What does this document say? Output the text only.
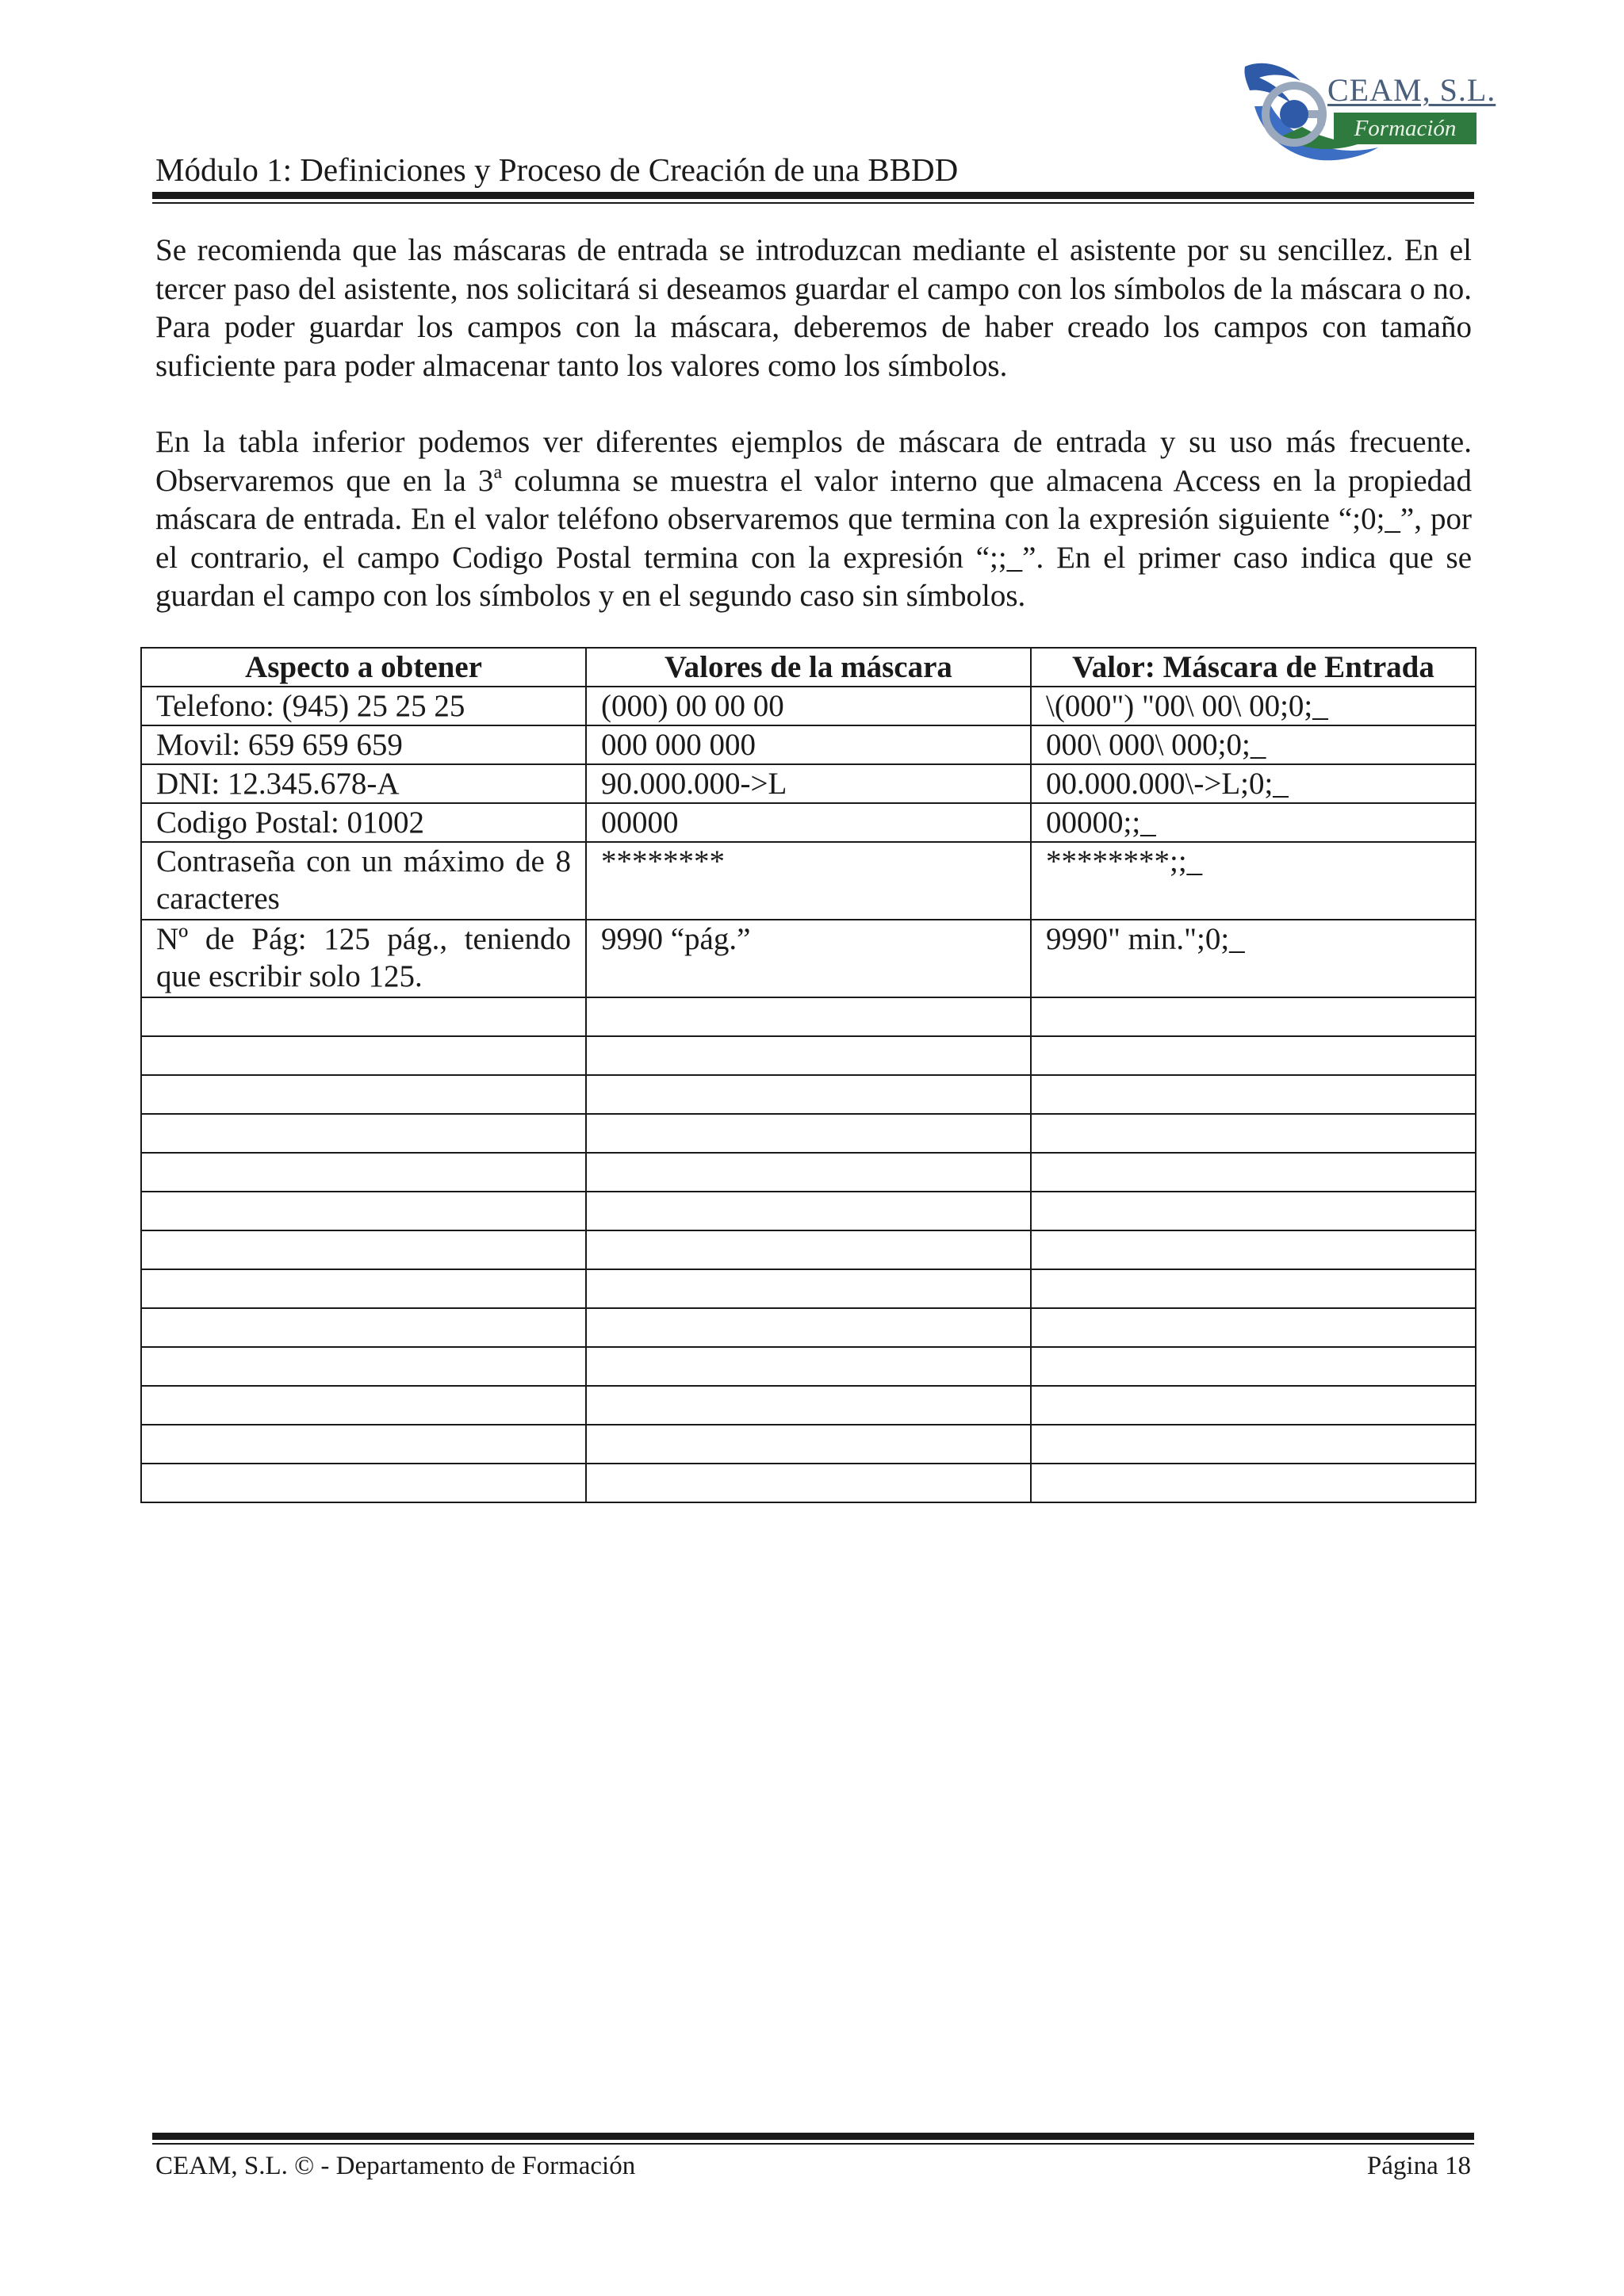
Módulo 1: Definiciones y Proceso de Creación de una BBDD
CEAM, S.L.
Formación

Se recomienda que las máscaras de entrada se introduzcan mediante el asistente por su sencillez. En el tercer paso del asistente, nos solicitará si deseamos guardar el campo con los símbolos de la máscara o no. Para poder guardar los campos con la máscara, deberemos de haber creado los campos con tamaño suficiente para poder almacenar tanto los valores como los símbolos.

En la tabla inferior podemos ver diferentes ejemplos de máscara de entrada y su uso más frecuente. Observaremos que en la 3$^a$ columna se muestra el valor interno que almacena Access en la propiedad máscara de entrada. En el valor teléfono observaremos que termina con la expresión siguiente “;0;_”, por el contrario, el campo Codigo Postal termina con la expresión “;;_”. En el primer caso indica que se guardan el campo con los símbolos y en el segundo caso sin símbolos.

Aspecto a obtener	Valores de la máscara	Valor: Máscara de Entrada
Telefono: (945) 25 25 25	(000) 00 00 00	\(000") "00\ 00\ 00;0;_
Movil: 659 659 659	000 000 000	000\ 000\ 000;0;_
DNI: 12.345.678-A	90.000.000->L	00.000.000\->L;0;_
Codigo Postal: 01002	00000	00000;;_
Contraseña con un máximo de 8 caracteres	********	********;;_
Nº de Pág: 125 pág., teniendo que escribir solo 125.	9990 “pág.”	9990" min.";0;_

CEAM, S.L. © - Departamento de Formación	Página 18
